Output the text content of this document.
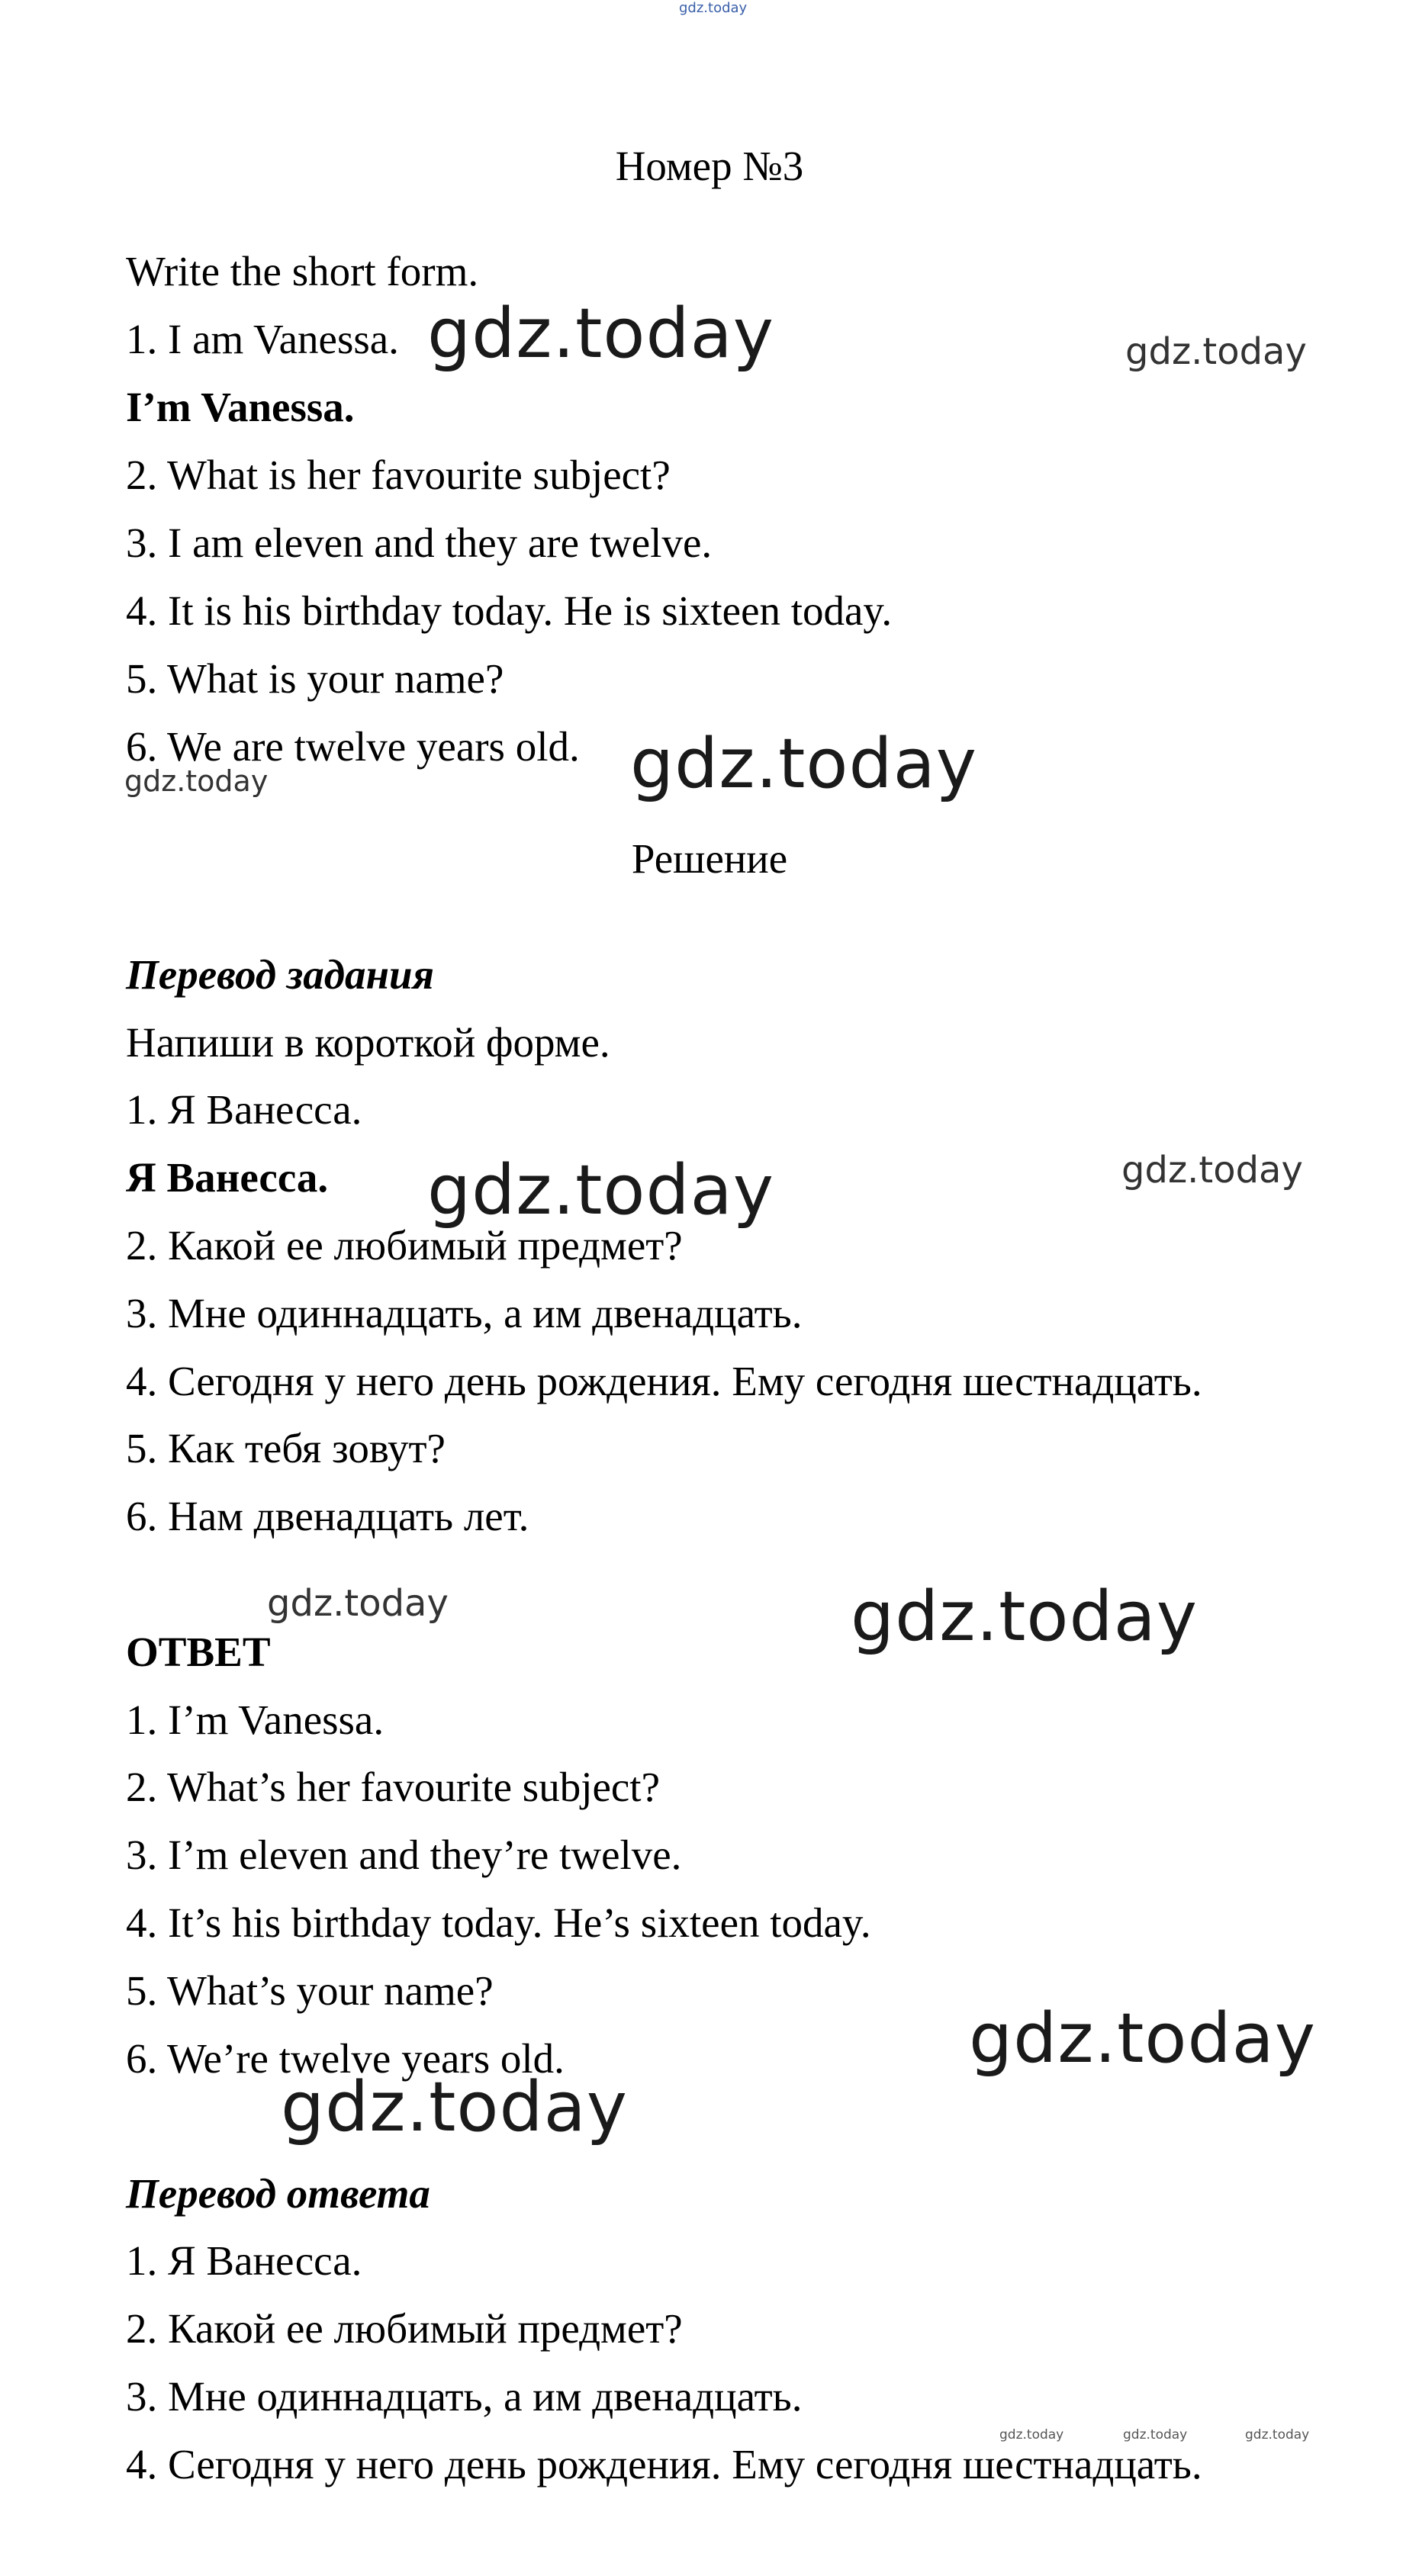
gdz.today

Номер №3

Write the short form.

1. I am Vanessa.

I’m Vanessa.

2. What is her favourite subject?

3. I am eleven and they are twelve.

4. It is his birthday today. He is sixteen today.

5. What is your name?

6. We are twelve years old.

Решение

Перевод задания

Напиши в короткой форме.

1. Я Ванесса.

Я Ванесса.

2. Какой ее любимый предмет?

3. Мне одиннадцать, а им двенадцать.

4. Сегодня у него день рождения. Ему сегодня шестнадцать.

5. Как тебя зовут?

6. Нам двенадцать лет.

ОТВЕТ

1. I’m Vanessa.

2. What’s her favourite subject?

3. I’m eleven and they’re twelve.

4. It’s his birthday today. He’s sixteen today.

5. What’s your name?

6. We’re twelve years old.

Перевод ответа

1. Я Ванесса.

2. Какой ее любимый предмет?

3. Мне одиннадцать, а им двенадцать.

4. Сегодня у него день рождения. Ему сегодня шестнадцать.

gdz.today	gdz.today
gdz.today	gdz.today
gdz.today	gdz.today
gdz.today	gdz.today
gdz.today
gdz.today
gdz.today	gdz.today	gdz.today
